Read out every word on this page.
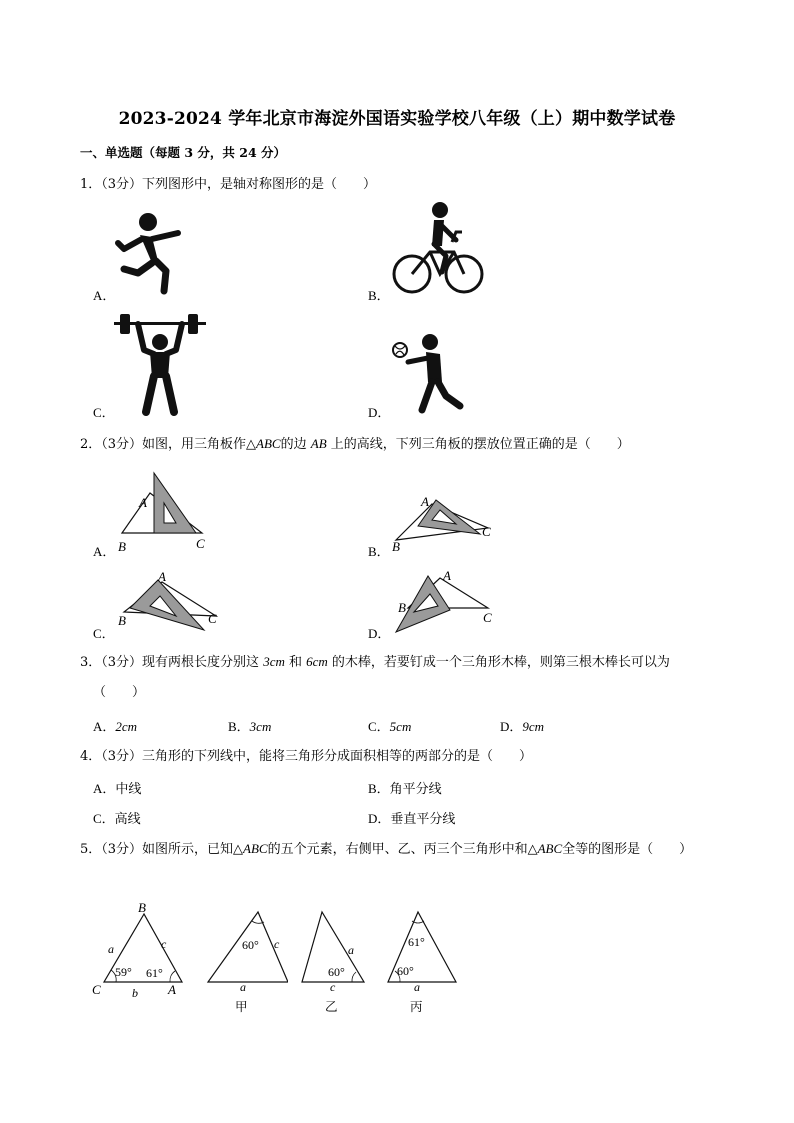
2023-2024 学年北京市海淀外国语实验学校八年级（上）期中数学试卷
一、单选题（每题 3 分，共 24 分）
1．（3分）下列图形中，是轴对称图形的是（　　）
A．	B．
C．	D．
2．（3分）如图，用三角板作△ABC的边 AB 上的高线，下列三角板的摆放位置正确的是（　　）
A
B	C
A．
A
B
C
B．
A
B	C
C．
A
B
C
D．
3．（3分）现有两根长度分别这 3cm 和 6cm 的木棒，若要钉成一个三角形木棒，则第三根木棒长可以为
（　　）
A．2cm	B．3cm	C．5cm	D．9cm
4．（3分）三角形的下列线中，能将三角形分成面积相等的两部分的是（　　）
A．中线	B．角平分线
C．高线	D．垂直平分线
5．（3分）如图所示，已知△ABC的五个元素，右侧甲、乙、丙三个三角形中和△ABC全等的图形是（　　）
B
C	A
a	c
b
59° 61°
60° c
a
甲
60°
a
c
乙
61°
60°
a
丙
